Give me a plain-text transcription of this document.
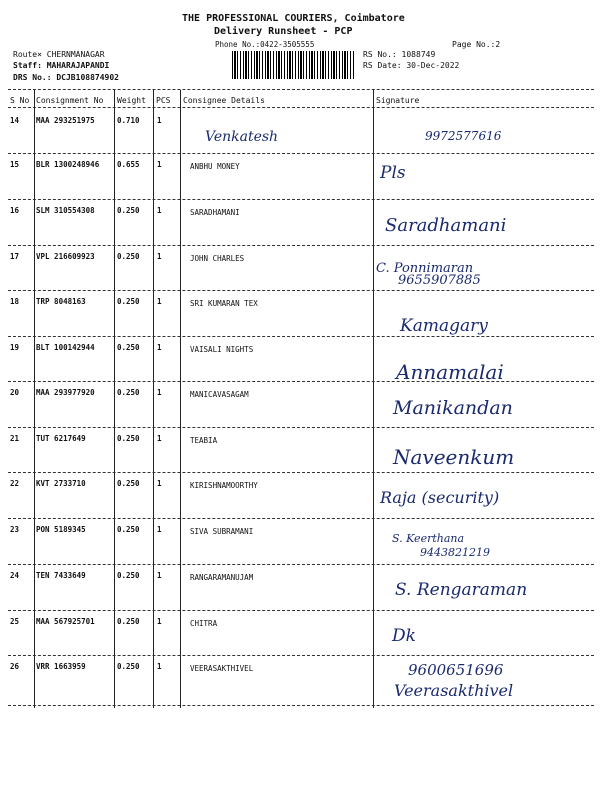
THE PROFESSIONAL COURIERS, Coimbatore
Delivery Runsheet - PCP
Phone No.:0422-3505555	Page No.:2
Route× CHERNMANAGAR
Staff: MAHARAJAPANDI
DRS No.: DCJB108874902
RS No.: 1088749
RS Date: 30-Dec-2022
S No Consignment No Weight PCS Consignee Details	Signature
14 MAA 293251975	0.710 1
Venkatesh	9972577616
15 BLR 1300248946 0.655 1	ANBHU MONEY	Pls
16 SLM 310554308	0.250 1	SARADHAMANI
Saradhamani
17 VPL 216609923	0.250 1	JOHN CHARLES
C. Ponnimaran
9655907885
18 TRP 8048163	0.250 1	SRI KUMARAN TEX
Kamagary
19 BLT 100142944	0.250 1	VAISALI NIGHTS
Annamalai
20 MAA 293977920	0.250 1	MANICAVASAGAM
Manikandan
21 TUT 6217649	0.250 1	TEABIA
Naveenkum
22 KVT 2733710	0.250 1	KIRISHNAMOORTHY
Raja (security)
23 PON 5189345	0.250 1	SIVA SUBRAMANI
S. Keerthana
9443821219
24 TEN 7433649	0.250 1	RANGARAMANUJAM
S. Rengaraman
25 MAA 567925701	0.250 1	CHITRA
Dk
26 VRR 1663959	0.250 1	VEERASAKTHIVEL	9600651696
Veerasakthivel
